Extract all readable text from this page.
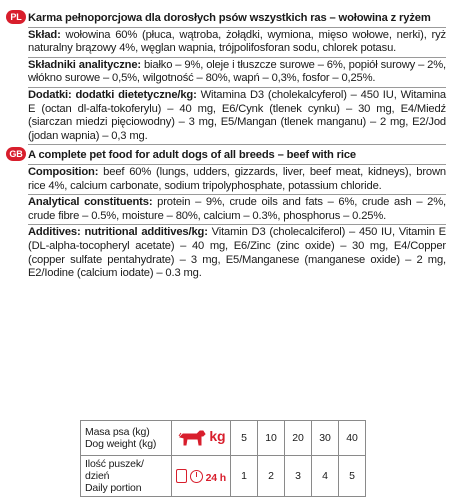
PL Karma pełnoporcjowa dla dorosłych psów wszystkich ras – wołowina z ryżem

Skład: wołowina 60% (płuca, wątroba, żołądki, wymiona, mięso wołowe, nerki), ryż naturalny brązowy 4%, węglan wapnia, trójpolifosforan sodu, chlorek potasu.

Składniki analityczne: białko – 9%, oleje i tłuszcze surowe – 6%, popiół surowy – 2%, włókno surowe – 0,5%, wilgotność – 80%, wapń – 0,3%, fosfor – 0,25%.

Dodatki: dodatki dietetyczne/kg: Witamina D3 (cholekalcyferol) – 450 IU, Witamina E (octan dl-alfa-tokoferylu) – 40 mg, E6/Cynk (tlenek cynku) – 30 mg, E4/Miedź (siarczan miedzi pięciowodny) – 3 mg, E5/Mangan (tlenek manganu) – 2 mg, E2/Jod (jodan wapnia) – 0,3 mg.

GB A complete pet food for adult dogs of all breeds – beef with rice

Composition: beef 60% (lungs, udders, gizzards, liver, beef meat, kidneys), brown rice 4%, calcium carbonate, sodium tripolyphosphate, potassium chloride.

Analytical constituents: protein – 9%, crude oils and fats – 6%, crude ash – 2%, crude fibre – 0.5%, moisture – 80%, calcium – 0.3%, phosphorus – 0.25%.

Additives: nutritional additives/kg: Vitamin D3 (cholecalciferol) – 450 IU, Vitamin E (DL-alpha-tocopheryl acetate) – 40 mg, E6/Zinc (zinc oxide) – 30 mg, E4/Copper (copper sulfate pentahydrate) – 3 mg, E5/Manganese (manganese oxide) – 2 mg, E2/Iodine (calcium iodate) – 0.3 mg.

Masa psa (kg)
Dog weight (kg)	kg	5	10	20	30	40

Ilość puszek/ dzień
Daily portion	24 h	1	2	3	4	5
